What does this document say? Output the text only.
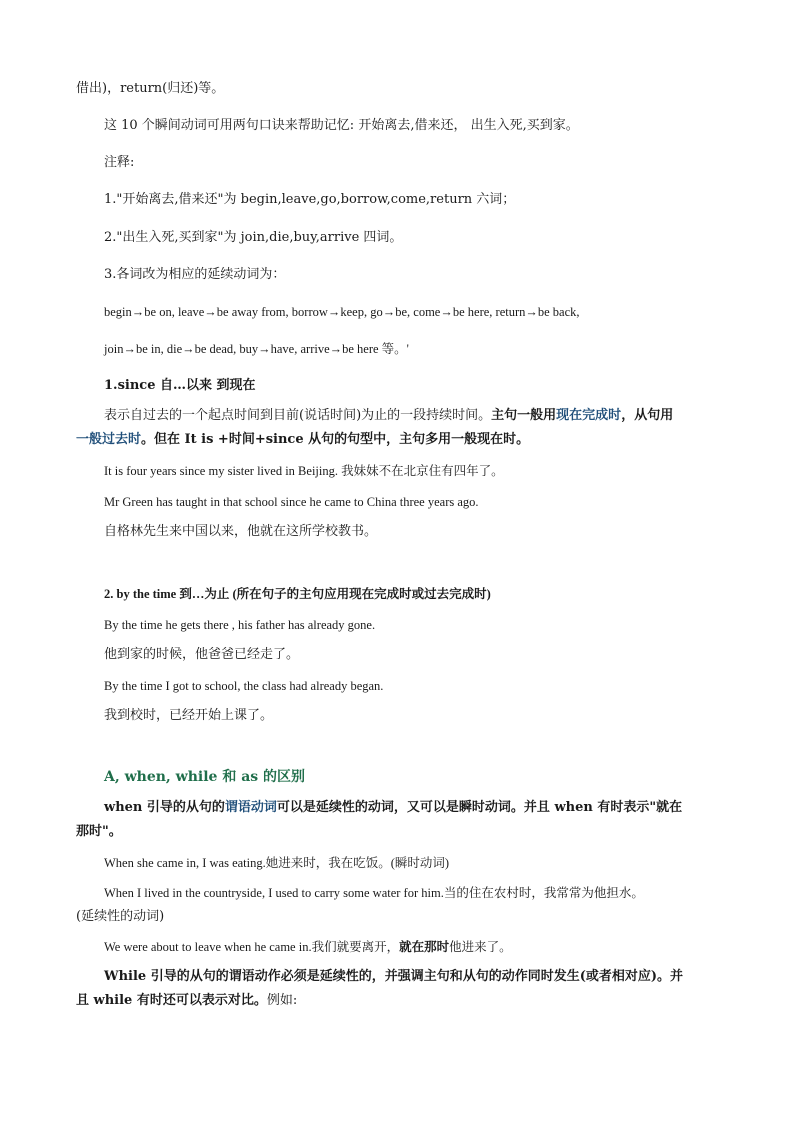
借出)，return(归还)等。
这 10 个瞬间动词可用两句口诀来帮助记忆: 开始离去,借来还， 出生入死,买到家。
注释:
1."开始离去,借来还"为 begin,leave,go,borrow,come,return 六词；
2."出生入死,买到家"为 join,die,buy,arrive 四词。
3.各词改为相应的延续动词为：
begin→be on, leave→be away from, borrow→keep, go→be, come→be here, return→be back,
join→be in, die→be dead, buy→have, arrive→be here 等。'
1.since 自…以来 到现在
表示自过去的一个起点时间到目前(说话时间)为止的一段持续时间。主句一般用现在完成时，从句用
一般过去时。但在 It is +时间+since 从句的句型中，主句多用一般现在时。
It is four years since my sister lived in Beijing. 我妹妹不在北京住有四年了。
Mr Green has taught in that school since he came to China three years ago.
自格林先生来中国以来，他就在这所学校教书。
2. by the time 到…为止 (所在句子的主句应用现在完成时或过去完成时)
By the time he gets there , his father has already gone.
他到家的时候，他爸爸已经走了。
By the time I got to school, the class had already began.
我到校时，已经开始上课了。
A, when, while 和 as 的区别
when 引导的从句的谓语动词可以是延续性的动词，又可以是瞬时动词。并且 when 有时表示"就在
那时"。
When she came in, I was eating.她进来时，我在吃饭。(瞬时动词)
When I lived in the countryside, I used to carry some water for him.当的住在农村时，我常常为他担水。
(延续性的动词)
We were about to leave when he came in.我们就要离开，就在那时他进来了。
While 引导的从句的谓语动作必须是延续性的，并强调主句和从句的动作同时发生(或者相对应)。并
且 while 有时还可以表示对比。例如:
